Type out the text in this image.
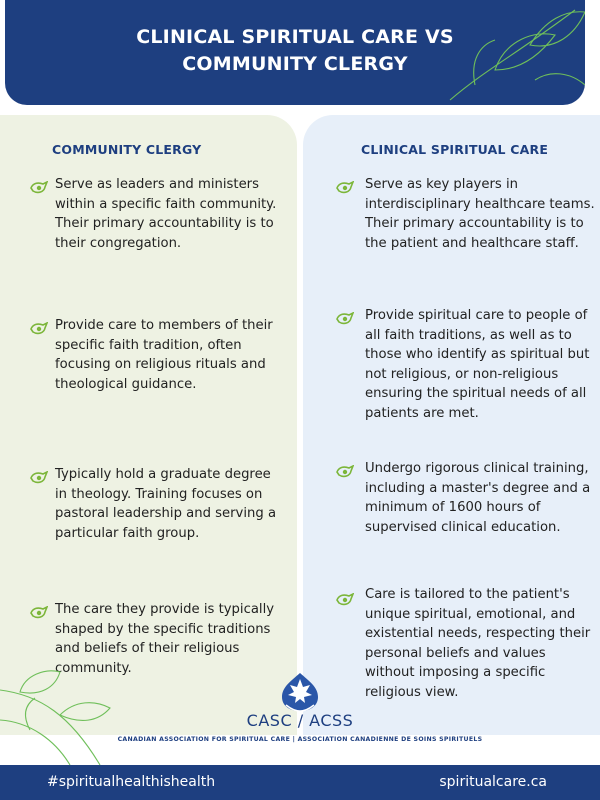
CLINICAL SPIRITUAL CARE VS
COMMUNITY CLERGY
COMMUNITY CLERGY
Serve as leaders and ministers within a specific faith community. Their primary accountability is to their congregation.
Provide care to members of their specific faith tradition, often focusing on religious rituals and theological guidance.
Typically hold a graduate degree in theology. Training focuses on pastoral leadership and serving a particular faith group.
The care they provide is typically shaped by the specific traditions and beliefs of their religious community.
CLINICAL SPIRITUAL CARE
Serve as key players in interdisciplinary healthcare teams. Their primary accountability is to the patient and healthcare staff.
Provide spiritual care to people of all faith traditions, as well as to those who identify as spiritual but not religious, or non-religious ensuring the spiritual needs of all patients are met.
Undergo rigorous clinical training, including a master's degree and a minimum of 1600 hours of supervised clinical education.
Care is tailored to the patient's unique spiritual, emotional, and existential needs, respecting their personal beliefs and values without imposing a specific religious view.
CASC / ACSS
CANADIAN ASSOCIATION FOR SPIRITUAL CARE | ASSOCIATION CANADIENNE DE SOINS SPIRITUELS
#spiritualhealthishealth	spiritualcare.ca
